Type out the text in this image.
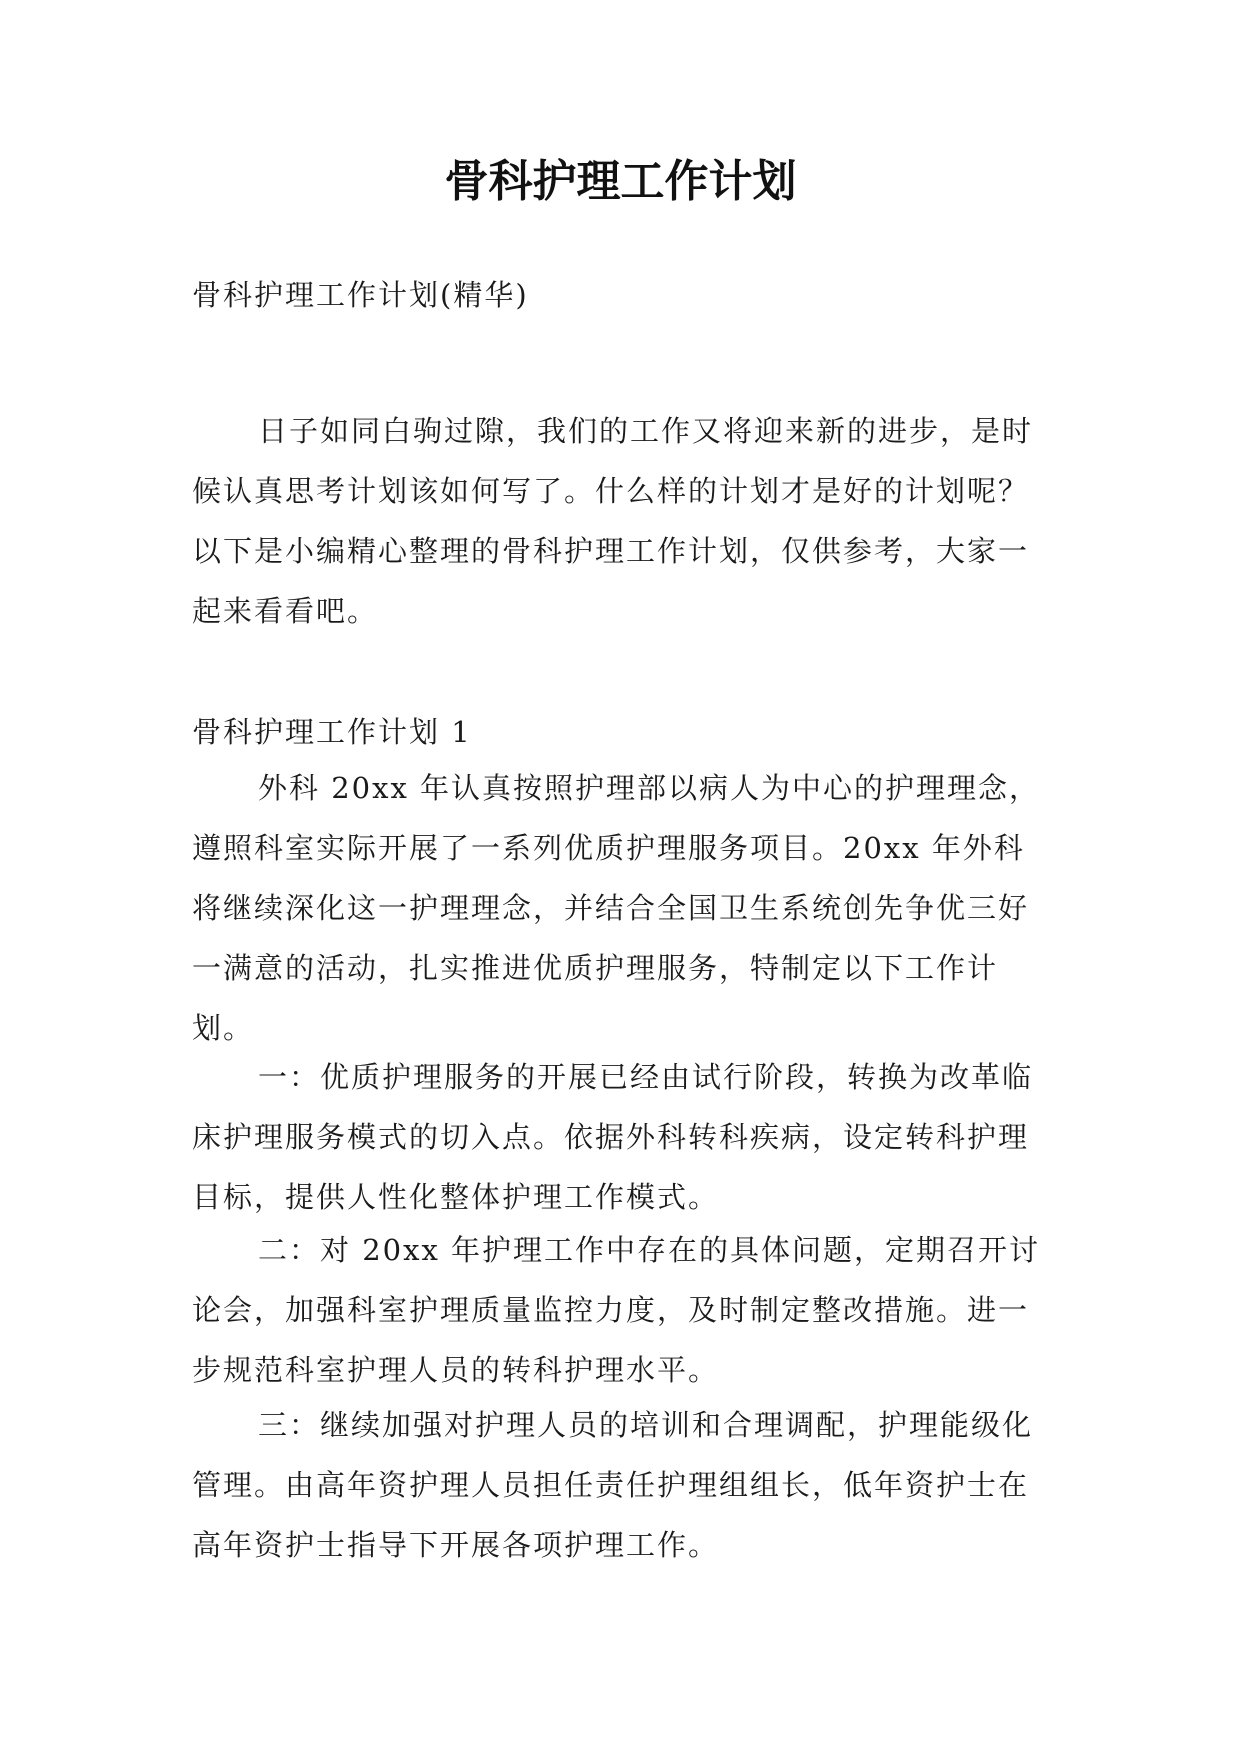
骨科护理工作计划

骨科护理工作计划(精华)

日子如同白驹过隙，我们的工作又将迎来新的进步，是时候认真思考计划该如何写了。什么样的计划才是好的计划呢？以下是小编精心整理的骨科护理工作计划，仅供参考，大家一起来看看吧。

骨科护理工作计划 1

外科 20xx 年认真按照护理部以病人为中心的护理理念，遵照科室实际开展了一系列优质护理服务项目。20xx 年外科将继续深化这一护理理念，并结合全国卫生系统创先争优三好一满意的活动，扎实推进优质护理服务，特制定以下工作计划。

一：优质护理服务的开展已经由试行阶段，转换为改革临床护理服务模式的切入点。依据外科转科疾病，设定转科护理目标，提供人性化整体护理工作模式。

二：对 20xx 年护理工作中存在的具体问题，定期召开讨论会，加强科室护理质量监控力度，及时制定整改措施。进一步规范科室护理人员的转科护理水平。

三：继续加强对护理人员的培训和合理调配，护理能级化管理。由高年资护理人员担任责任护理组组长，低年资护士在高年资护士指导下开展各项护理工作。
